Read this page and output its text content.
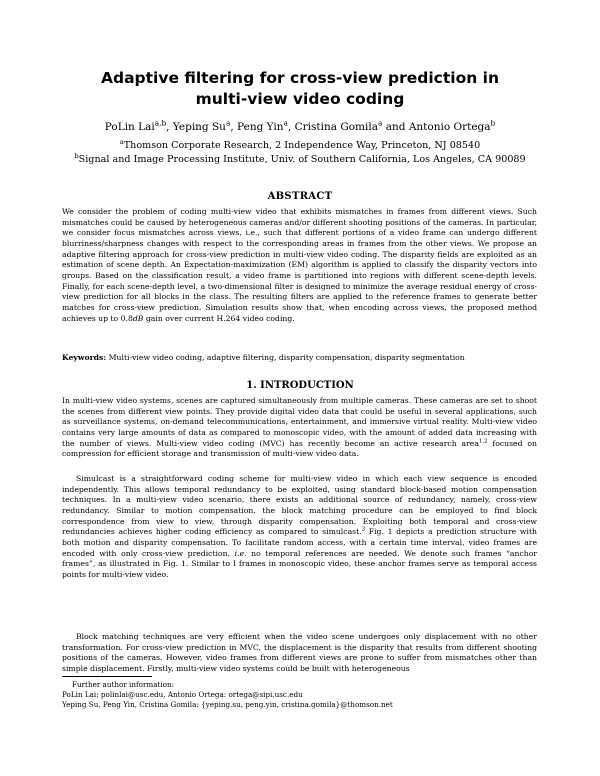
Adaptive filtering for cross-view prediction in
multi-view video coding
PoLin Lai$^{a,b}$, Yeping Su$^a$, Peng Yin$^a$, Cristina Gomila$^a$ and Antonio Ortega$^b$
$^a$Thomson Corporate Research, 2 Independence Way, Princeton, NJ 08540
$^b$Signal and Image Processing Institute, Univ. of Southern California, Los Angeles, CA 90089
ABSTRACT
We consider the problem of coding multi-view video that exhibits mismatches in frames from different views. Such mismatches could be caused by heterogeneous cameras and/or different shooting positions of the cameras. In particular, we consider focus mismatches across views, i.e., such that different portions of a video frame can undergo different blurriness/sharpness changes with respect to the corresponding areas in frames from the other views. We propose an adaptive filtering approach for cross-view prediction in multi-view video coding. The disparity fields are exploited as an estimation of scene depth. An Expectation-maximization (EM) algorithm is applied to classify the disparity vectors into groups. Based on the classification result, a video frame is partitioned into regions with different scene-depth levels. Finally, for each scene-depth level, a two-dimensional filter is designed to minimize the average residual energy of cross-view prediction for all blocks in the class. The resulting filters are applied to the reference frames to generate better matches for cross-view prediction. Simulation results show that, when encoding across views, the proposed method achieves up to 0.8dB gain over current H.264 video coding.
Keywords: Multi-view video coding, adaptive filtering, disparity compensation, disparity segmentation
1. INTRODUCTION
In multi-view video systems, scenes are captured simultaneously from multiple cameras. These cameras are set to shoot the scenes from different view points. They provide digital video data that could be useful in several applications, such as surveillance systems, on-demand telecommunications, entertainment, and immersive virtual reality. Multi-view video contains very large amounts of data as compared to monoscopic video, with the amount of added data increasing with the number of views. Multi-view video coding (MVC) has recently become an active research area$^{1,2}$ focused on compression for efficient storage and transmission of multi-view video data.
Simulcast is a straightforward coding scheme for multi-view video in which each view sequence is encoded independently. This allows temporal redundancy to be exploited, using standard block-based motion compensation techniques. In a multi-view video scenario, there exists an additional source of redundancy, namely, cross-view redundancy. Similar to motion compensation, the block matching procedure can be employed to find block correspondence from view to view, through disparity compensation. Exploiting both temporal and cross-view redundancies achieves higher coding efficiency as compared to simulcast.$^3$ Fig. 1 depicts a prediction structure with both motion and disparity compensation. To facilitate random access, with a certain time interval, video frames are encoded with only cross-view prediction, i.e. no temporal references are needed. We denote such frames “anchor frames”, as illustrated in Fig. 1. Similar to I frames in monoscopic video, these anchor frames serve as temporal access points for multi-view video.
Block matching techniques are very efficient when the video scene undergoes only displacement with no other transformation. For cross-view prediction in MVC, the displacement is the disparity that results from different shooting positions of the cameras. However, video frames from different views are prone to suffer from mismatches other than simple displacement. Firstly, multi-view video systems could be built with heterogeneous
Further author information:
PoLin Lai: polinlai@usc.edu, Antonio Ortega: ortega@sipi.usc.edu
Yeping Su, Peng Yin, Cristina Gomila: {yeping.su, peng.yin, cristina.gomila}@thomson.net
